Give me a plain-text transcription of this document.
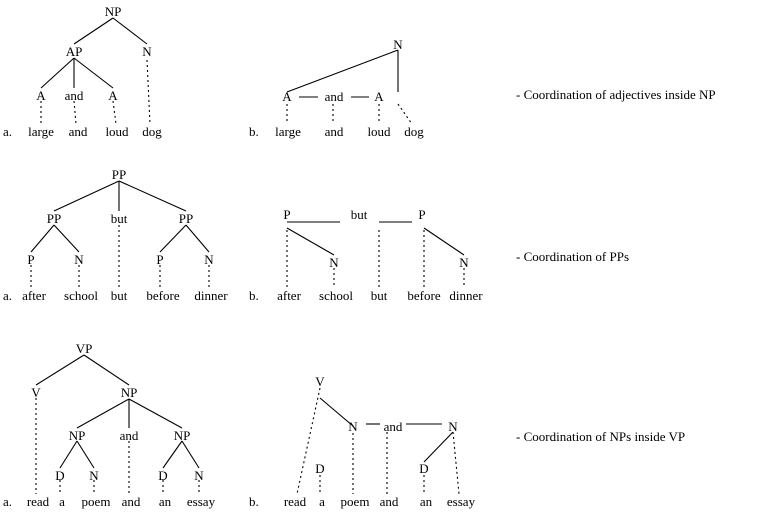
NP
AP	N
A and A
a. large and loud dog
N
A	and A
b. large and loud dog
- Coordination of adjectives inside NP
PP
PP	but	PP
P	N	P	N
a. after school but before dinner
P	but	P
N	N
b. after school but before dinner
- Coordination of PPs
VP
V	NP
NP	and	NP
D N	D N
a. read a poem and an essay
V
N and	N
D	D
b. read a poem and an essay
- Coordination of NPs inside VP
